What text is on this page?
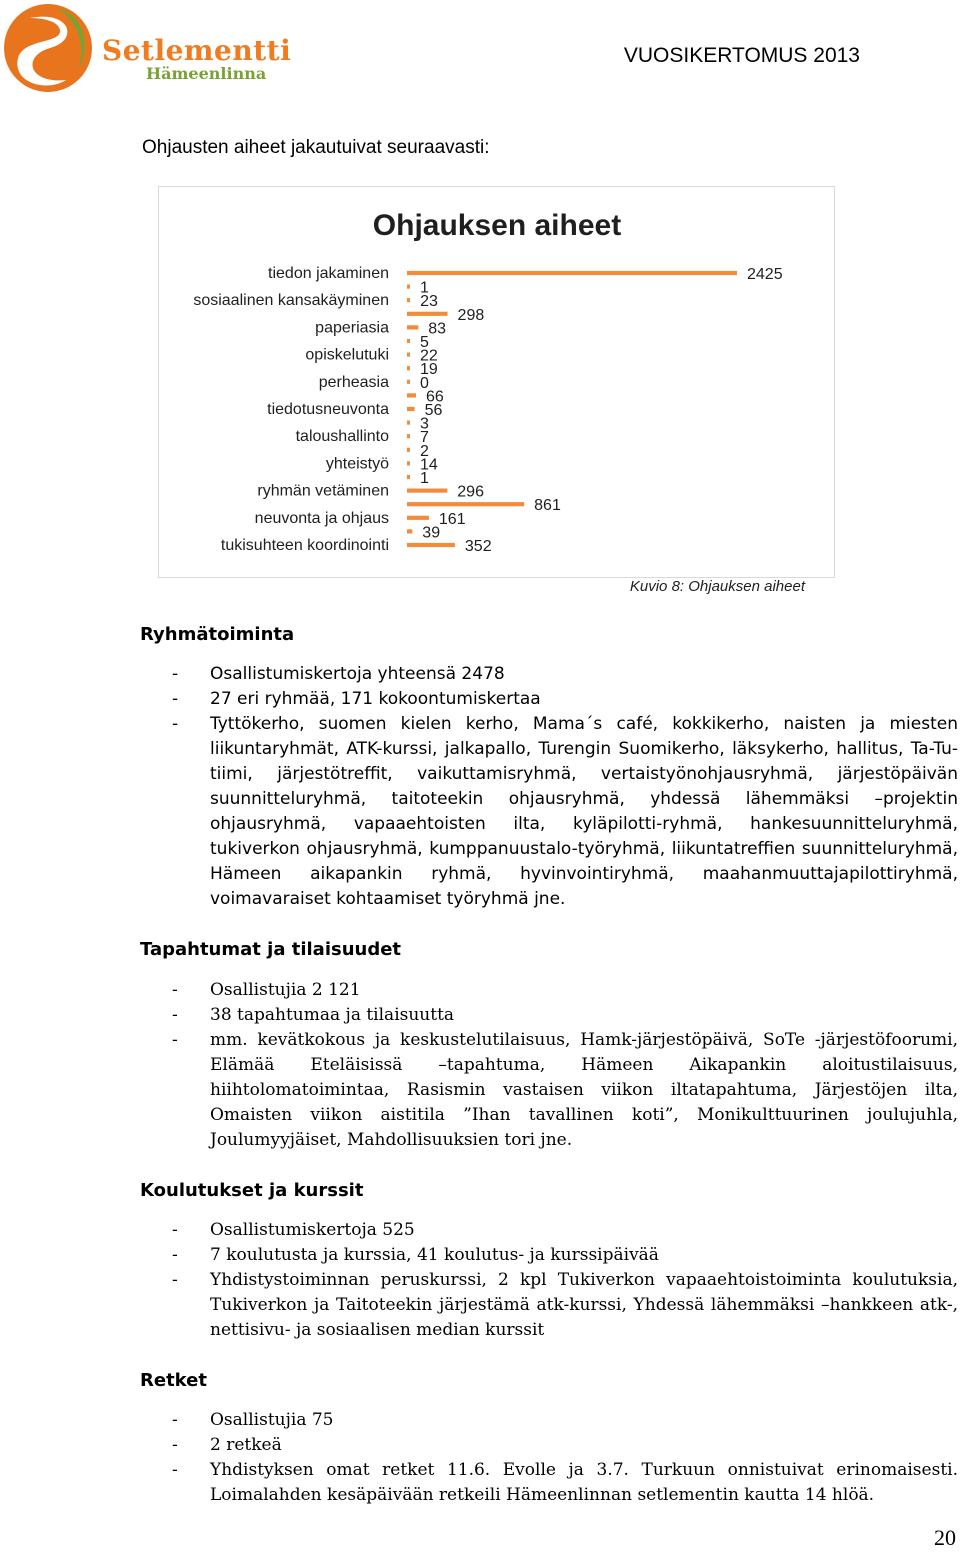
Setlementti
Hämeenlinna
VUOSIKERTOMUS 2013
Ohjausten aiheet jakautuivat seuraavasti:
Ohjauksen aiheet
tiedon jakaminen
sosiaalinen kansakäyminen
paperiasia
opiskelutuki
perheasia
tiedotusneuvonta
taloushallinto
yhteistyö
ryhmän vetäminen
neuvonta ja ohjaus
tukisuhteen koordinointi
2425
1
23
298
83
5
22
19
0
66
56
3
7
2
14
1
296
861
161
39
352
Kuvio 8: Ohjauksen aiheet
Ryhmätoiminta
- Osallistumiskertoja yhteensä 2478
- 27 eri ryhmää, 171 kokoontumiskertaa
- Tyttökerho, suomen kielen kerho, Mama´s café, kokkikerho, naisten ja miesten liikuntaryhmät, ATK-kurssi, jalkapallo, Turengin Suomikerho, läksykerho, hallitus, Ta-Tu-tiimi, järjestötreffit, vaikuttamisryhmä, vertaistyönohjausryhmä, järjestöpäivän suunnitteluryhmä, taitoteekin ohjausryhmä, yhdessä lähemmäksi –projektin ohjausryhmä, vapaaehtoisten ilta, kyläpilotti-ryhmä, hankesuunnitteluryhmä, tukiverkon ohjausryhmä, kumppanuustalo-työryhmä, liikuntatreffien suunnitteluryhmä, Hämeen aikapankin ryhmä, hyvinvointiryhmä, maahanmuuttajapilottiryhmä, voimavaraiset kohtaamiset työryhmä jne.
Tapahtumat ja tilaisuudet
- Osallistujia 2 121
- 38 tapahtumaa ja tilaisuutta
- mm. kevätkokous ja keskustelutilaisuus, Hamk-järjestöpäivä, SoTe -järjestöfoorumi, Elämää Eteläisissä –tapahtuma, Hämeen Aikapankin aloitustilaisuus, hiihtolomatoimintaa, Rasismin vastaisen viikon iltatapahtuma, Järjestöjen ilta, Omaisten viikon aistitila ”Ihan tavallinen koti”, Monikulttuurinen joulujuhla, Joulumyyjäiset, Mahdollisuuksien tori jne.
Koulutukset ja kurssit
- Osallistumiskertoja 525
- 7 koulutusta ja kurssia, 41 koulutus- ja kurssipäivää
- Yhdistystoiminnan peruskurssi, 2 kpl Tukiverkon vapaaehtoistoiminta koulutuksia, Tukiverkon ja Taitoteekin järjestämä atk-kurssi, Yhdessä lähemmäksi –hankkeen atk-, nettisivu- ja sosiaalisen median kurssit
Retket
- Osallistujia 75
- 2 retkeä
- Yhdistyksen omat retket 11.6. Evolle ja 3.7. Turkuun onnistuivat erinomaisesti. Loimalahden kesäpäivään retkeili Hämeenlinnan setlementin kautta 14 hlöä.
20
